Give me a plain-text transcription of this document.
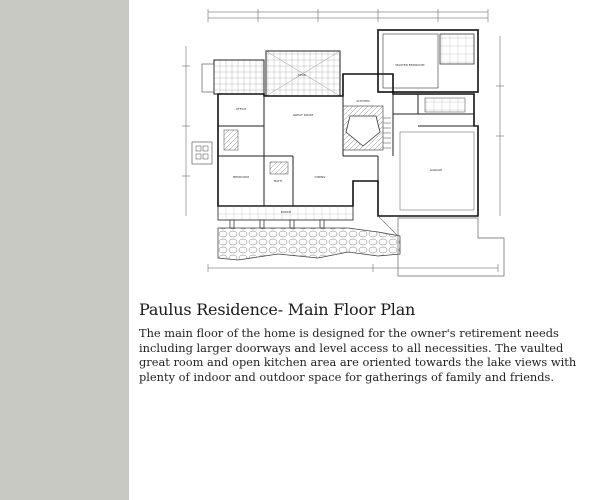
MASTER BEDROOM
GREAT ROOM
KITCHEN
DINING
GARAGE
PORCH
BEDROOM
BATH
DECK
OFFICE
Paulus Residence- Main Floor Plan
The main floor of the home is designed for the owner's retirement needs including larger doorways and level access to all necessities. The vaulted great room and open kitchen area are oriented towards the lake views with plenty of indoor and outdoor space for gatherings of family and friends.
